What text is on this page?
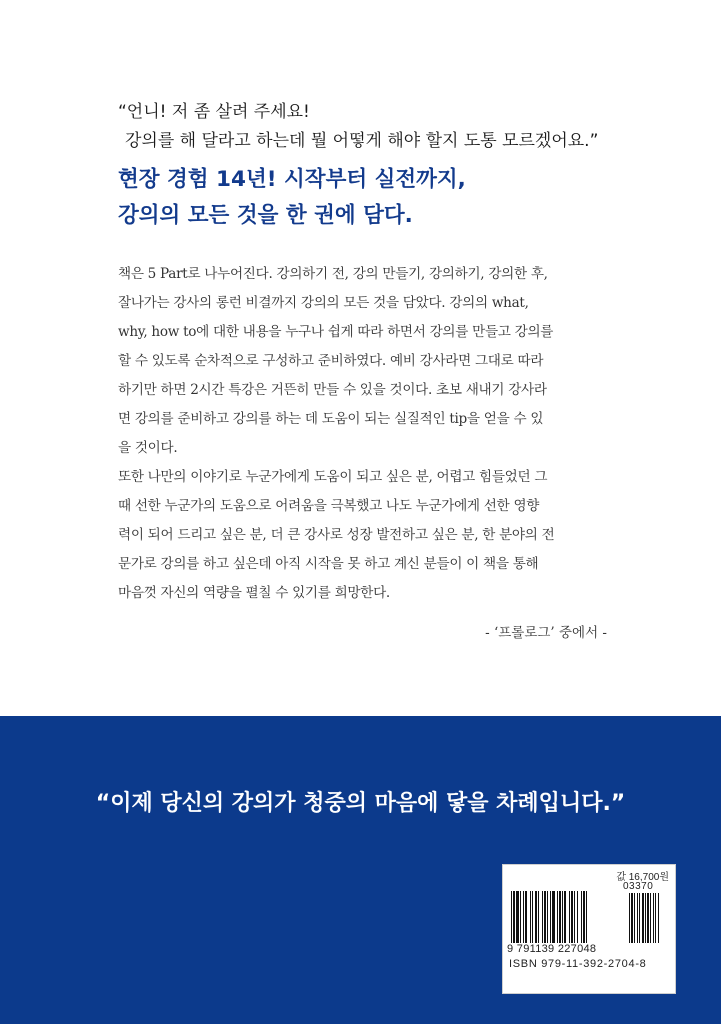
“언니! 저 좀 살려 주세요!
강의를 해 달라고 하는데 뭘 어떻게 해야 할지 도통 모르겠어요.”
현장 경험 14년! 시작부터 실전까지,
강의의 모든 것을 한 권에 담다.
책은 5 Part로 나누어진다. 강의하기 전, 강의 만들기, 강의하기, 강의한 후,
잘나가는 강사의 롱런 비결까지 강의의 모든 것을 담았다. 강의의 what,
why, how to에 대한 내용을 누구나 쉽게 따라 하면서 강의를 만들고 강의를
할 수 있도록 순차적으로 구성하고 준비하였다. 예비 강사라면 그대로 따라
하기만 하면 2시간 특강은 거뜬히 만들 수 있을 것이다. 초보 새내기 강사라
면 강의를 준비하고 강의를 하는 데 도움이 되는 실질적인 tip을 얻을 수 있
을 것이다.
또한 나만의 이야기로 누군가에게 도움이 되고 싶은 분, 어렵고 힘들었던 그
때 선한 누군가의 도움으로 어려움을 극복했고 나도 누군가에게 선한 영향
력이 되어 드리고 싶은 분, 더 큰 강사로 성장 발전하고 싶은 분, 한 분야의 전
문가로 강의를 하고 싶은데 아직 시작을 못 하고 계신 분들이 이 책을 통해
마음껏 자신의 역량을 펼칠 수 있기를 희망한다.
- ‘프롤로그’ 중에서 -
“이제 당신의 강의가 청중의 마음에 닿을 차례입니다.”
값 16,700원
03370
9 791139 227048
ISBN 979-11-392-2704-8
